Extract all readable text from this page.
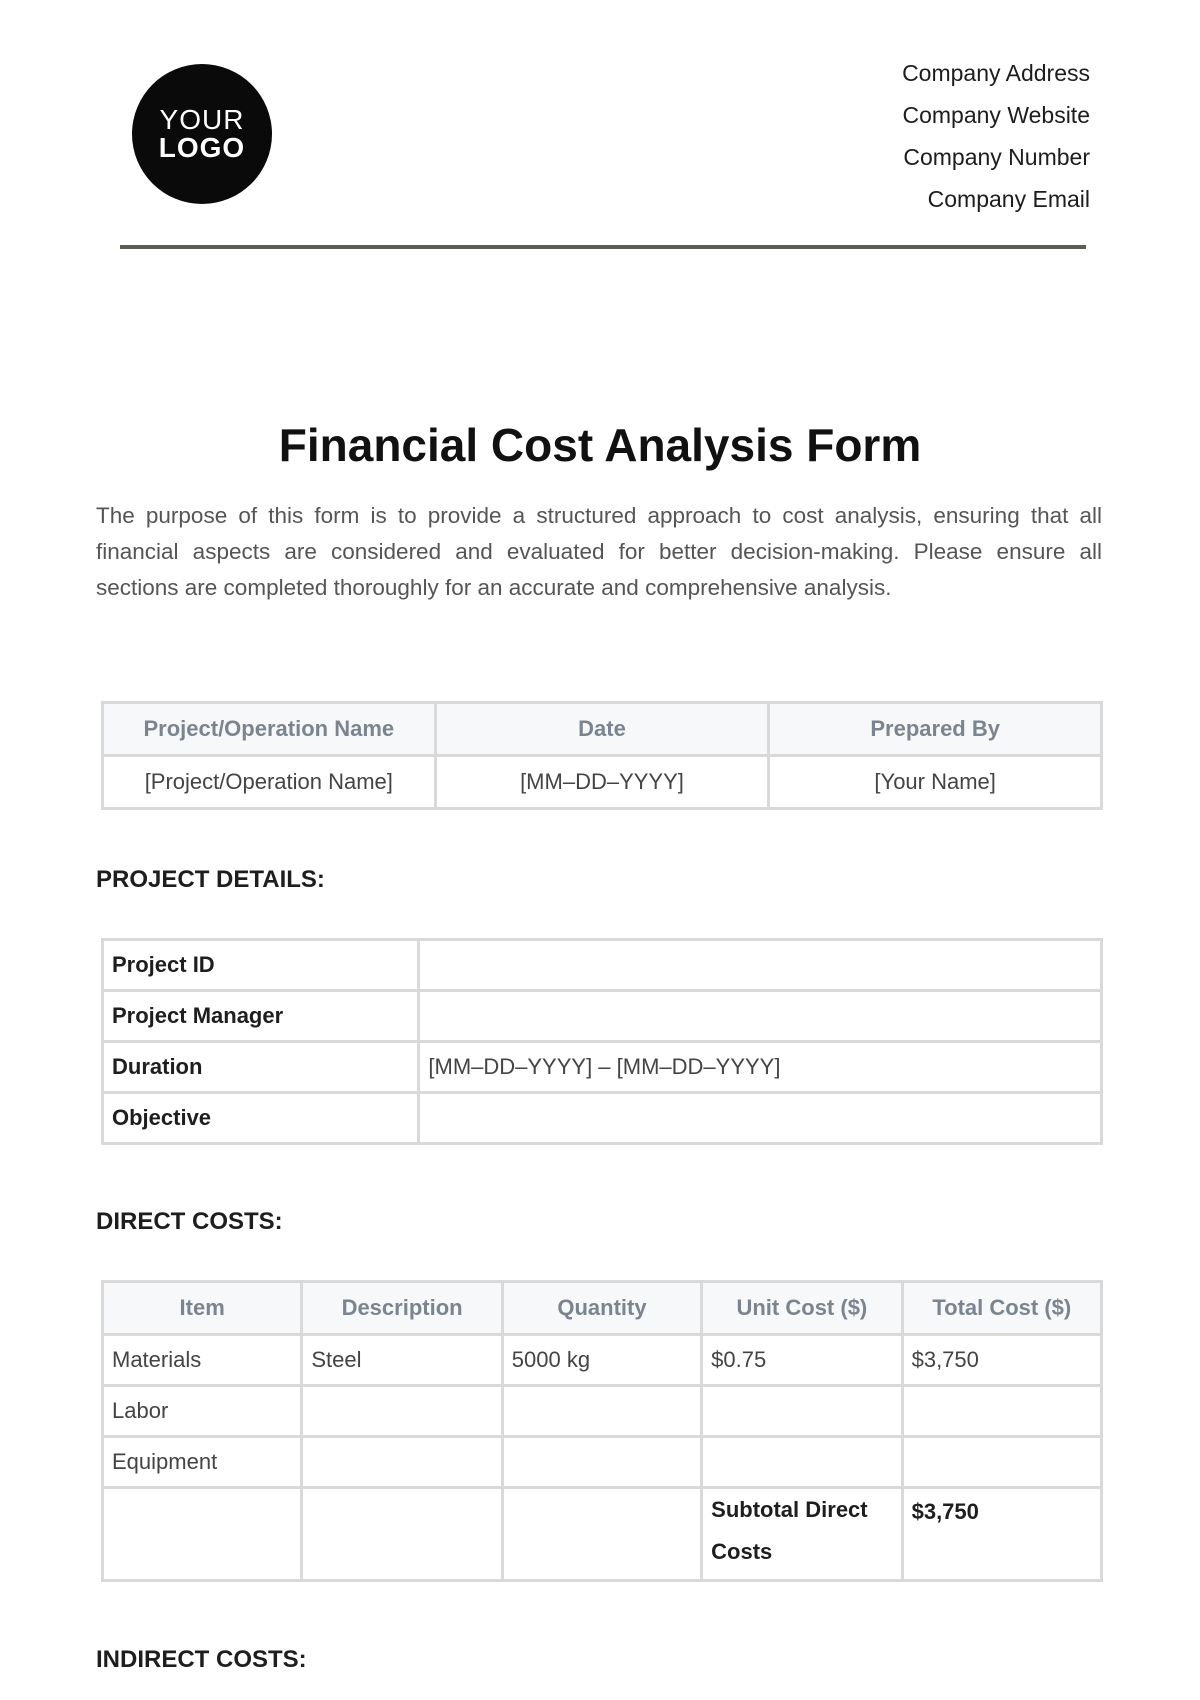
YOUR
LOGO
Company Address
Company Website
Company Number
Company Email
Financial Cost Analysis Form

The purpose of this form is to provide a structured approach to cost analysis, ensuring that all financial aspects are considered and evaluated for better decision-making. Please ensure all sections are completed thoroughly for an accurate and comprehensive analysis.

Project/Operation Name	Date	Prepared By
[Project/Operation Name]	[MM–DD–YYYY]	[Your Name]
PROJECT DETAILS:
Project ID	
Project Manager	
Duration	[MM–DD–YYYY] – [MM–DD–YYYY]
Objective	
DIRECT COSTS:
Item	Description	Quantity	Unit Cost ($)	Total Cost ($)
Materials	Steel	5000 kg	$0.75	$3,750
Labor				
Equipment				
			Subtotal Direct Costs	$3,750
INDIRECT COSTS:
